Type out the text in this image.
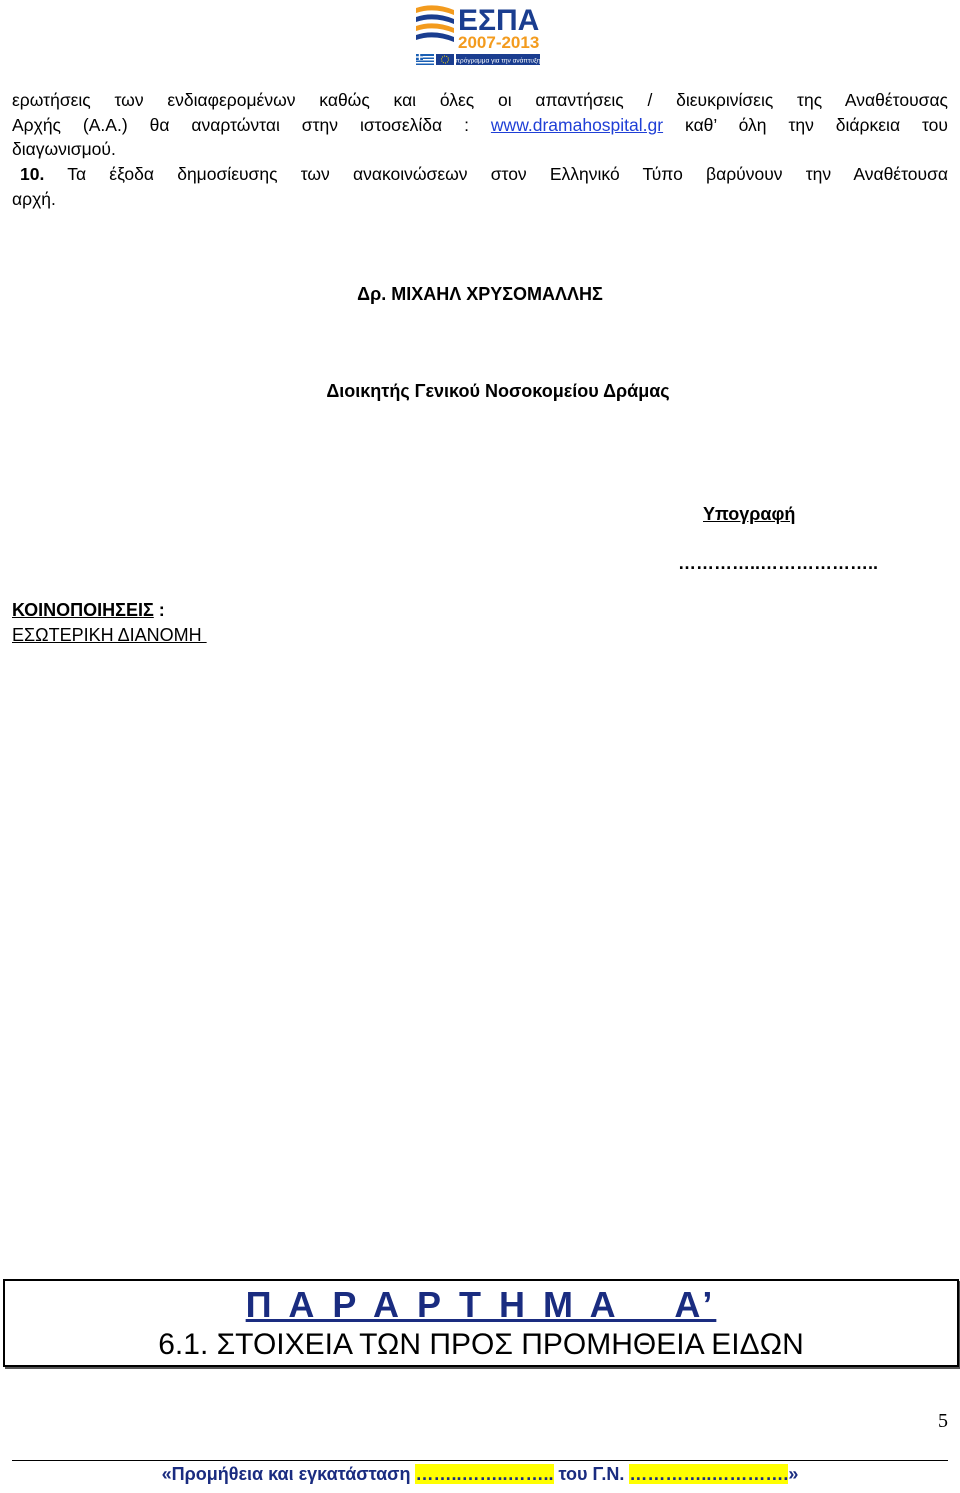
ΕΣΠΑ
2007-2013
πρόγραμμα για την ανάπτυξη
ερωτήσεις των ενδιαφερομένων καθώς και όλες οι απαντήσεις / διευκρινίσεις της Αναθέτουσας
Αρχής (Α.Α.) θα αναρτώνται στην ιστοσελίδα : www.dramahospital.gr καθ’ όλη την διάρκεια του
διαγωνισμού.
10. Τα έξοδα δημοσίευσης των ανακοινώσεων στον Ελληνικό Τύπο βαρύνουν την Αναθέτουσα
αρχή.
Δρ. ΜΙΧΑΗΛ ΧΡΥΣΟΜΑΛΛΗΣ
Διοικητής Γενικού Νοσοκομείου Δράμας
Υπογραφή
…………..………………..
ΚΟΙΝΟΠΟΙΗΣΕΙΣ :
ΕΣΩΤΕΡΙΚΗ ΔΙΑΝΟΜΗ
Π Α Ρ Α Ρ Τ Η Μ Α    Α’
6.1. ΣΤΟΙΧΕΙΑ ΤΩΝ ΠΡΟΣ ΠΡΟΜΗΘΕΙΑ ΕΙΔΩΝ
5
«Προμήθεια και εγκατάσταση ……..……..…….. του Γ.Ν. …………..………….»
